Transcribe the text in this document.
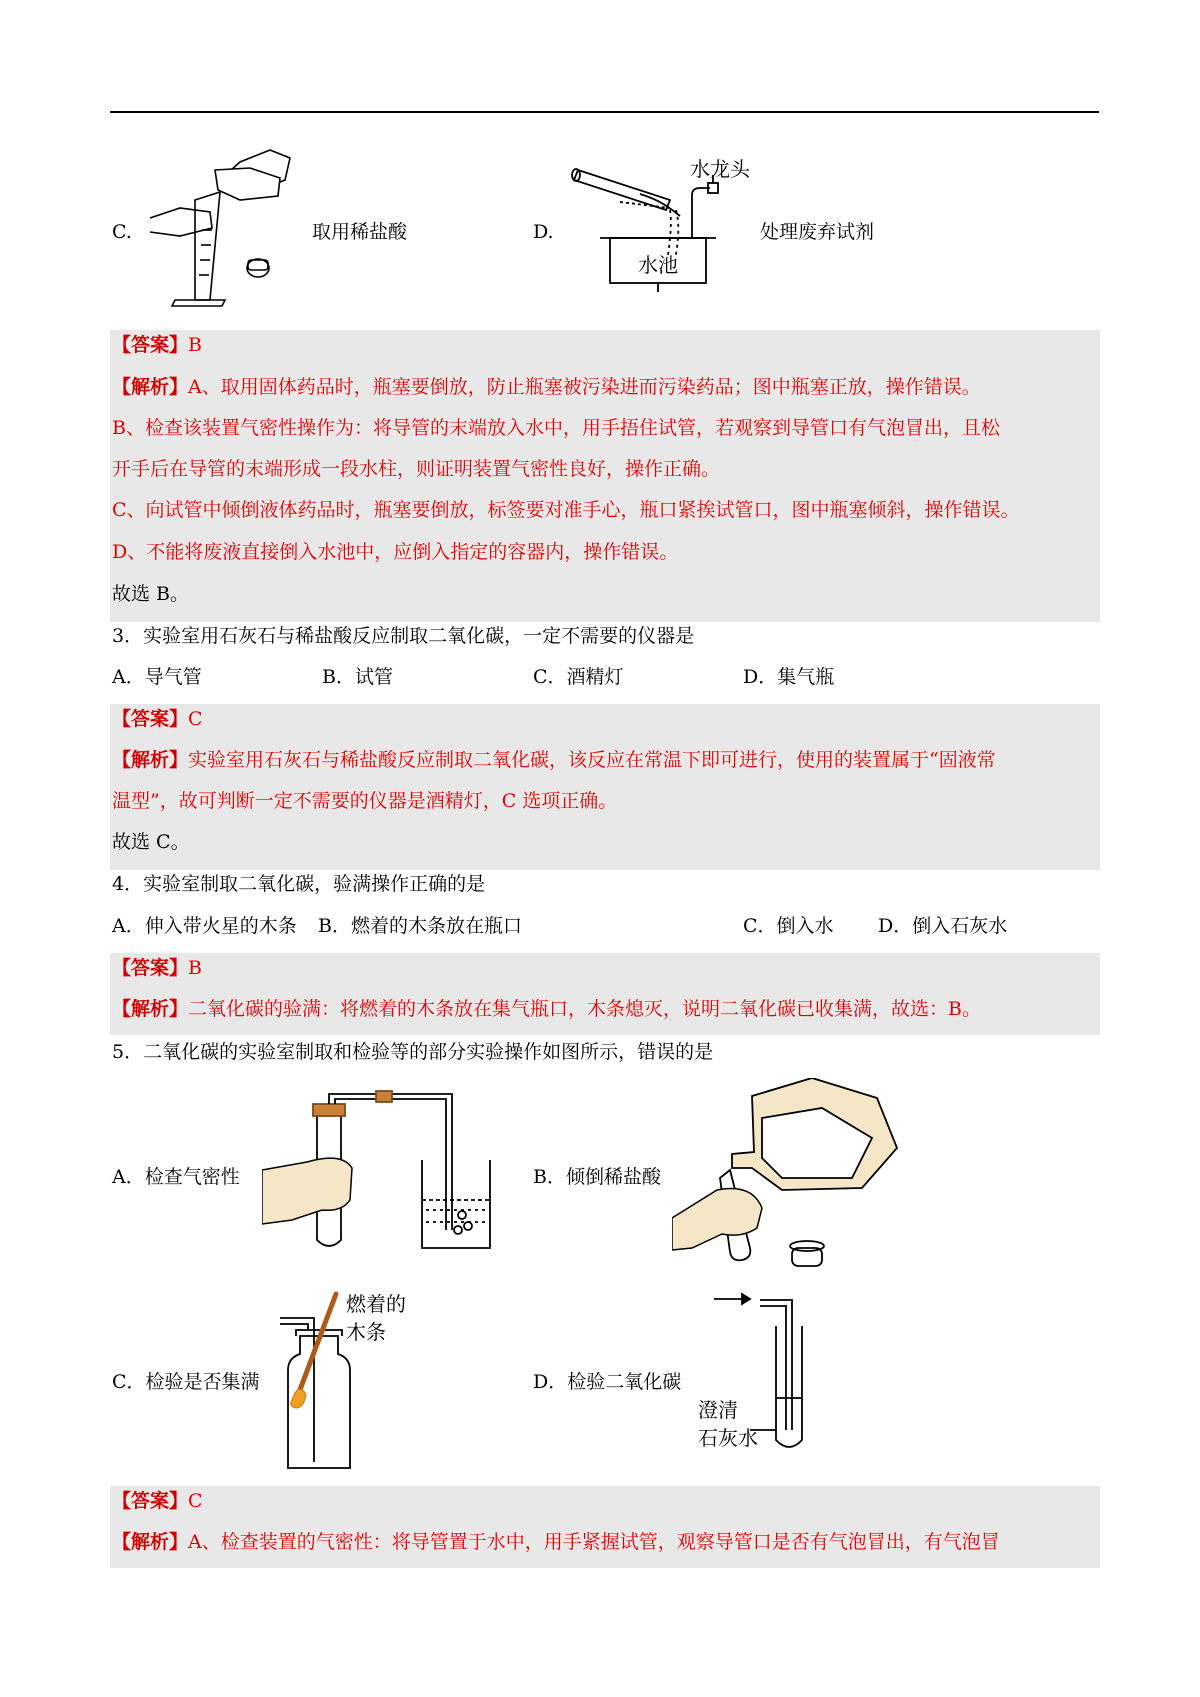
C.	取用稀盐酸	D.
水龙头
水池
处理废弃试剂
【答案】B
【解析】A、取用固体药品时，瓶塞要倒放，防止瓶塞被污染进而污染药品；图中瓶塞正放，操作错误。
B、检查该装置气密性操作为：将导管的末端放入水中，用手捂住试管，若观察到导管口有气泡冒出，且松
开手后在导管的末端形成一段水柱，则证明装置气密性良好，操作正确。
C、向试管中倾倒液体药品时，瓶塞要倒放，标签要对准手心，瓶口紧挨试管口，图中瓶塞倾斜，操作错误。
D、不能将废液直接倒入水池中，应倒入指定的容器内，操作错误。
故选 B。
3．实验室用石灰石与稀盐酸反应制取二氧化碳，一定不需要的仪器是
A．导气管	B．试管	C．酒精灯	D．集气瓶
【答案】C
【解析】实验室用石灰石与稀盐酸反应制取二氧化碳，该反应在常温下即可进行，使用的装置属于“固液常
温型”，故可判断一定不需要的仪器是酒精灯，C 选项正确。
故选 C。
4．实验室制取二氧化碳，验满操作正确的是
A．伸入带火星的木条 B．燃着的木条放在瓶口	C．倒入水 D．倒入石灰水
【答案】B
【解析】二氧化碳的验满：将燃着的木条放在集气瓶口，木条熄灭，说明二氧化碳已收集满，故选：B。
5．二氧化碳的实验室制取和检验等的部分实验操作如图所示，错误的是
A．检查气密性	B．倾倒稀盐酸
C．检验是否集满
燃着的
木条
D．检验二氧化碳
澄清
石灰水
【答案】C
【解析】A、检查装置的气密性：将导管置于水中，用手紧握试管，观察导管口是否有气泡冒出，有气泡冒
